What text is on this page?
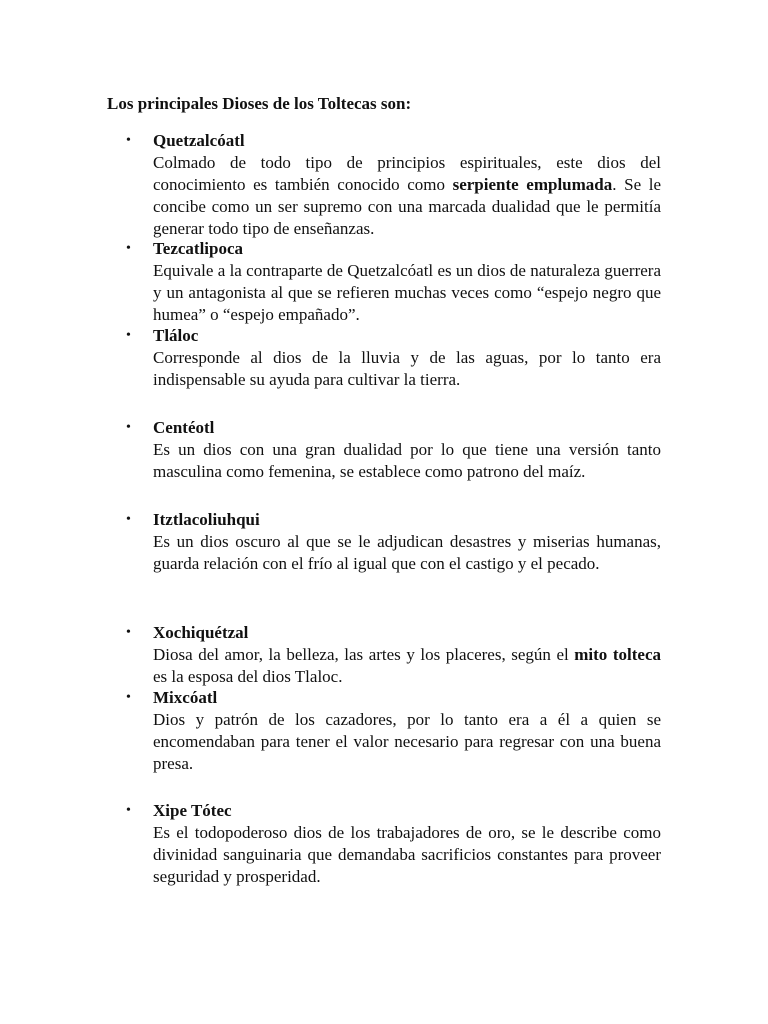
Los principales Dioses de los Toltecas son:
• Quetzalcóatl

Colmado de todo tipo de principios espirituales, este dios del conocimiento es también conocido como serpiente emplumada. Se le concibe como un ser supremo con una marcada dualidad que le permitía generar todo tipo de enseñanzas.

• Tezcatlipoca

Equivale a la contraparte de Quetzalcóatl es un dios de naturaleza guerrera y un antagonista al que se refieren muchas veces como “espejo negro que humea” o “espejo empañado”.

• Tláloc

Corresponde al dios de la lluvia y de las aguas, por lo tanto era indispensable su ayuda para cultivar la tierra.

• Centéotl

Es un dios con una gran dualidad por lo que tiene una versión tanto masculina como femenina, se establece como patrono del maíz.

• Itztlacoliuhqui

Es un dios oscuro al que se le adjudican desastres y miserias humanas, guarda relación con el frío al igual que con el castigo y el pecado.

• Xochiquétzal

Diosa del amor, la belleza, las artes y los placeres, según el mito tolteca es la esposa del dios Tlaloc.

• Mixcóatl

Dios y patrón de los cazadores, por lo tanto era a él a quien se encomendaban para tener el valor necesario para regresar con una buena presa.

• Xipe Tótec

Es el todopoderoso dios de los trabajadores de oro, se le describe como divinidad sanguinaria que demandaba sacrificios constantes para proveer seguridad y prosperidad.
